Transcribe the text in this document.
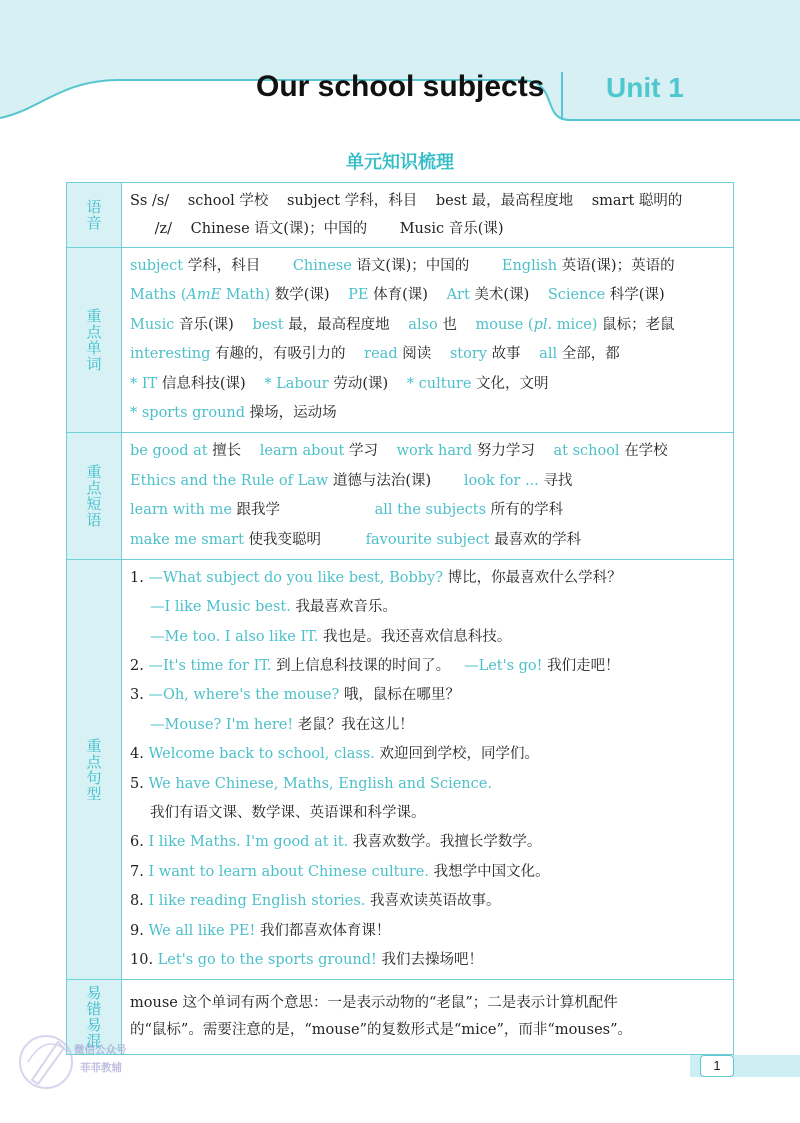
Our school subjects Unit 1
单元知识梳理
语音 Ss /s/ school 学校 subject 学科，科目 best 最，最高程度地 smart 聪明的
/z/ Chinese 语文(课)；中国的 Music 音乐(课)
重点单词
subject 学科，科目 Chinese 语文(课)；中国的 English 英语(课)；英语的
Maths (AmE Math) 数学(课) PE 体育(课) Art 美术(课) Science 科学(课)
Music 音乐(课) best 最，最高程度地 also 也 mouse (pl. mice) 鼠标；老鼠
interesting 有趣的，有吸引力的 read 阅读 story 故事 all 全部，都
* IT 信息科技(课) * Labour 劳动(课) * culture 文化，文明
* sports ground 操场，运动场
重点短语
be good at 擅长 learn about 学习 work hard 努力学习 at school 在学校
Ethics and the Rule of Law 道德与法治(课) look for ... 寻找
learn with me 跟我学	all the subjects 所有的学科
make me smart 使我变聪明	favourite subject 最喜欢的学科
重点句型
1. —What subject do you like best, Bobby? 博比，你最喜欢什么学科？
—I like Music best. 我最喜欢音乐。
—Me too. I also like IT. 我也是。我还喜欢信息科技。
2. —It's time for IT. 到上信息科技课的时间了。 —Let's go! 我们走吧！
3. —Oh, where's the mouse? 哦，鼠标在哪里？
—Mouse? I'm here! 老鼠？我在这儿！
4. Welcome back to school, class. 欢迎回到学校，同学们。
5. We have Chinese, Maths, English and Science.
我们有语文课、数学课、英语课和科学课。
6. I like Maths. I'm good at it. 我喜欢数学。我擅长学数学。
7. I want to learn about Chinese culture. 我想学中国文化。
8. I like reading English stories. 我喜欢读英语故事。
9. We all like PE! 我们都喜欢体育课！
10. Let's go to the sports ground! 我们去操场吧！
易错易混 mouse 这个单词有两个意思：一是表示动物的“老鼠”；二是表示计算机配件
的“鼠标”。需要注意的是，“mouse”的复数形式是“mice”，而非“mouses”。
微信公众号
菲菲教辅	1
